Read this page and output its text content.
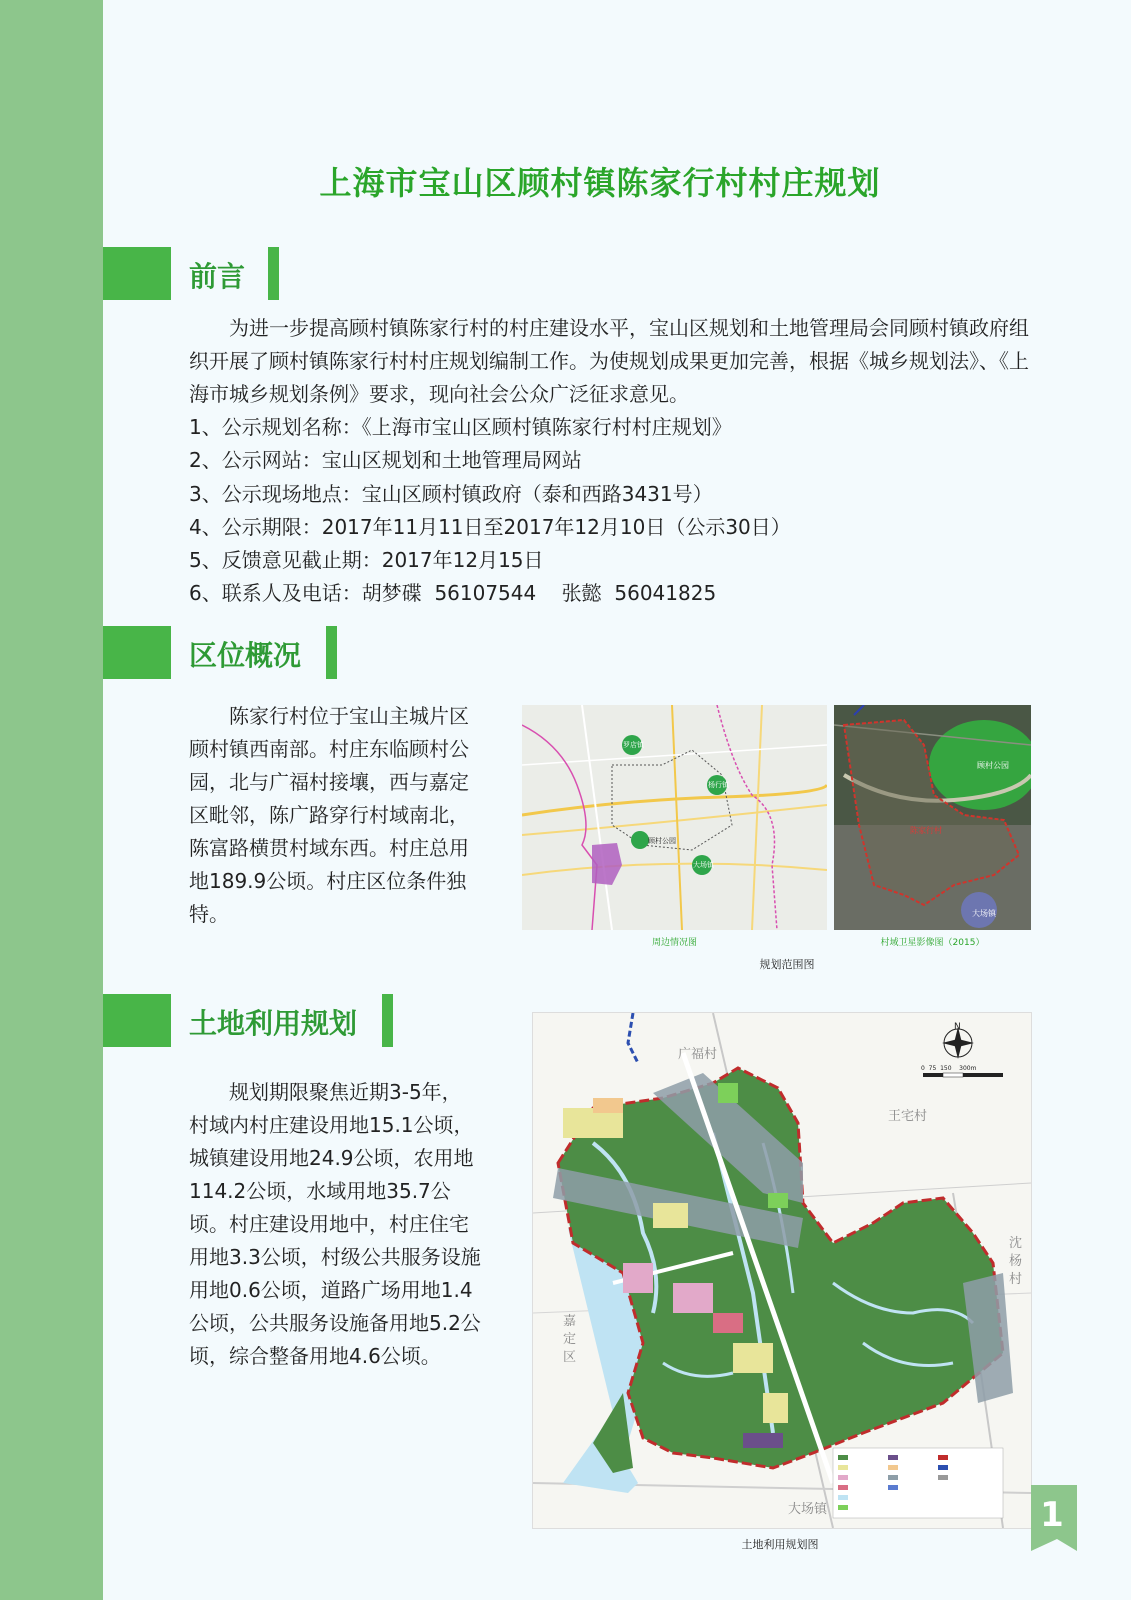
上海市宝山区顾村镇陈家行村村庄规划
前言

为进一步提高顾村镇陈家行村的村庄建设水平，宝山区规划和土地管理局会同顾村镇政府组织开展了顾村镇陈家行村村庄规划编制工作。为使规划成果更加完善，根据《城乡规划法》、《上海市城乡规划条例》要求，现向社会公众广泛征求意见。

1、公示规划名称：《上海市宝山区顾村镇陈家行村村庄规划》
2、公示网站：宝山区规划和土地管理局网站
3、公示现场地点：宝山区顾村镇政府（泰和西路3431号）
4、公示期限：2017年11月11日至2017年12月10日（公示30日）
5、反馈意见截止期：2017年12月15日
6、联系人及电话：胡梦碟  56107544    张懿  56041825
区位概况

陈家行村位于宝山主城片区顾村镇西南部。村庄东临顾村公园，北与广福村接壤，西与嘉定区毗邻，陈广路穿行村域南北，陈富路横贯村域东西。村庄总用地189.9公顷。村庄区位条件独特。

罗店镇
杨行镇
顾村公园
大场镇
顾村公园
陈家行村
大场镇
周边情况图	村域卫星影像图（2015）
规划范围图
土地利用规划

规划期限聚焦近期3-5年，村域内村庄建设用地15.1公顷，城镇建设用地24.9公顷，农用地114.2公顷，水域用地35.7公顷。村庄建设用地中，村庄住宅用地3.3公顷，村级公共服务设施用地0.6公顷，道路广场用地1.4公顷，公共服务设施备用地5.2公顷，综合整备用地4.6公顷。

N
0  75  150    300m
广福村
王宅村
沈杨村
嘉定区
大场镇
土地利用规划图
1
